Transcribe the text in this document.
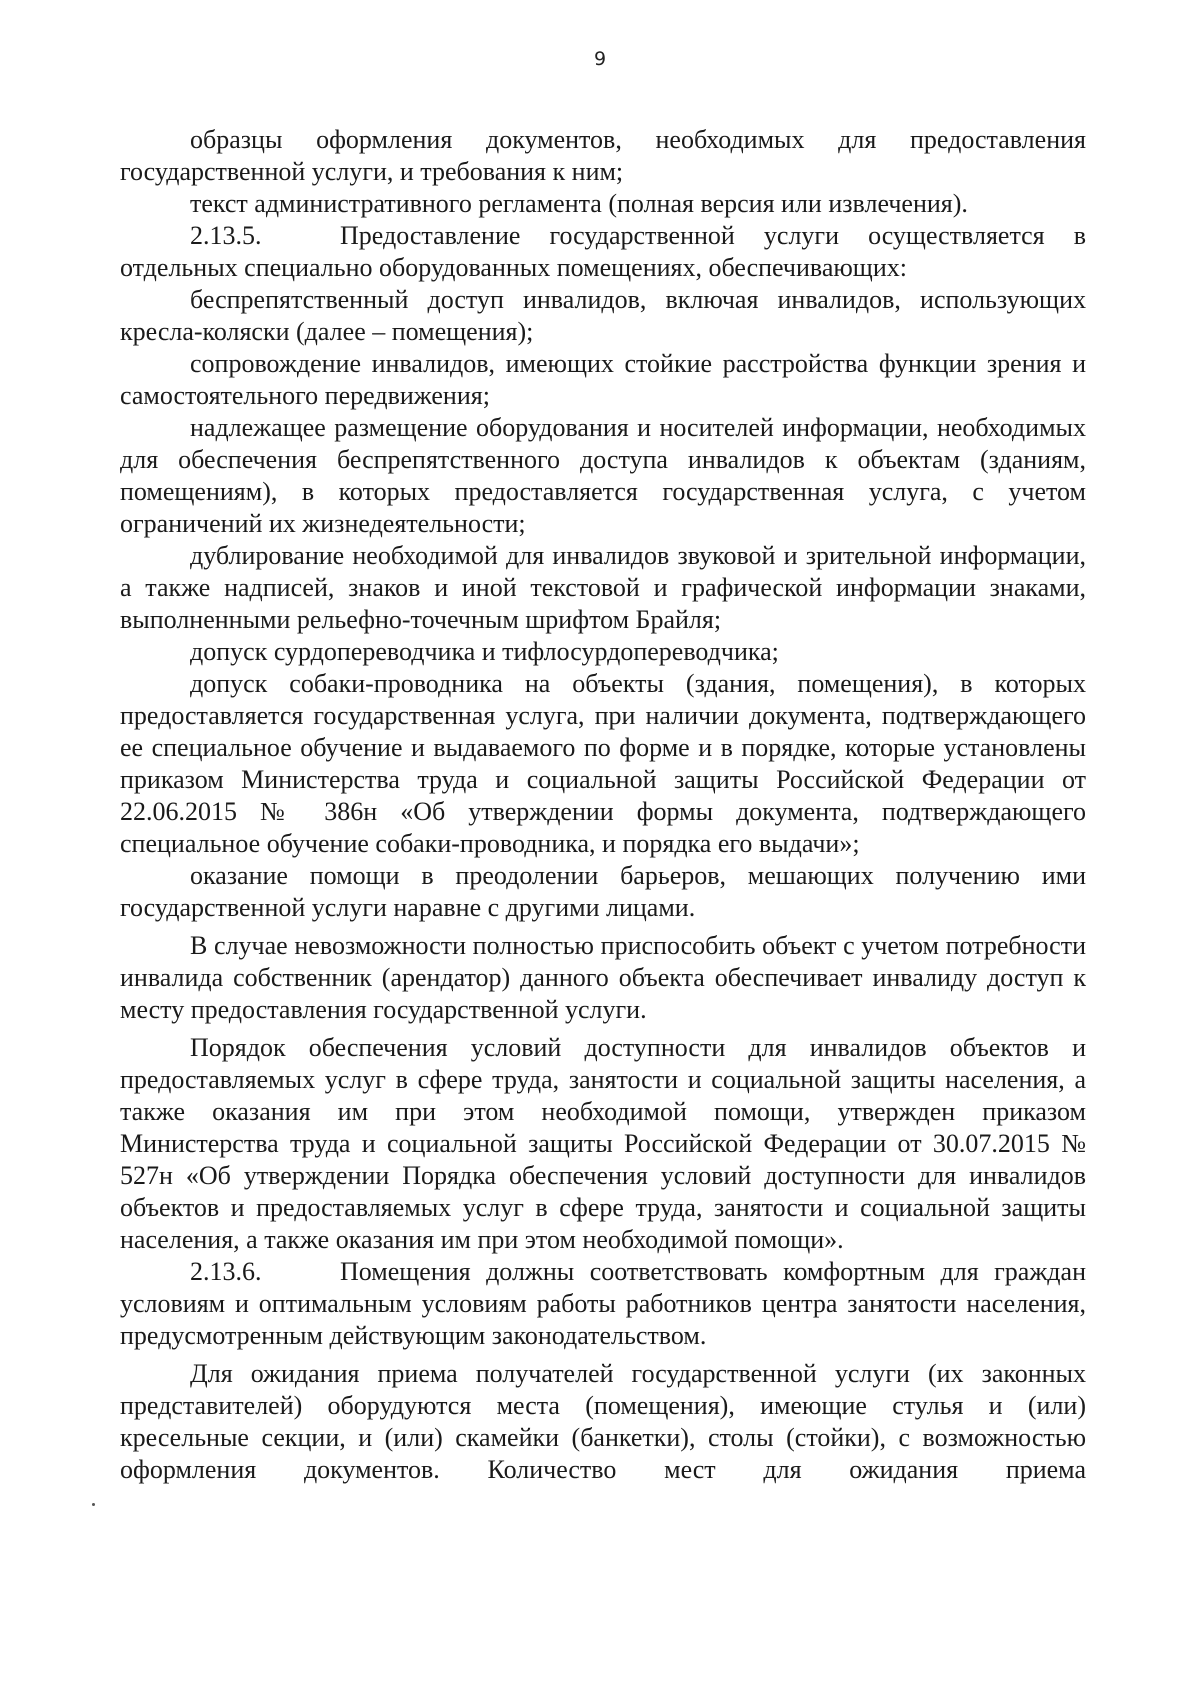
9

образцы оформления документов, необходимых для предоставления государственной услуги, и требования к ним;

текст административного регламента (полная версия или извлечения).

2.13.5.	Предоставление государственной услуги осуществляется в отдельных специально оборудованных помещениях, обеспечивающих:

беспрепятственный доступ инвалидов, включая инвалидов, использующих кресла-коляски (далее – помещения);

сопровождение инвалидов, имеющих стойкие расстройства функции зрения и самостоятельного передвижения;

надлежащее размещение оборудования и носителей информации, необходимых для обеспечения беспрепятственного доступа инвалидов к объектам (зданиям, помещениям), в которых предоставляется государственная услуга, с учетом ограничений их жизнедеятельности;

дублирование необходимой для инвалидов звуковой и зрительной информации, а также надписей, знаков и иной текстовой и графической информации знаками, выполненными рельефно-точечным шрифтом Брайля;

допуск сурдопереводчика и тифлосурдопереводчика;

допуск собаки-проводника на объекты (здания, помещения), в которых предоставляется государственная услуга, при наличии документа, подтверждающего ее специальное обучение и выдаваемого по форме и в порядке, которые установлены приказом Министерства труда и социальной защиты Российской Федерации от 22.06.2015 № 386н «Об утверждении формы документа, подтверждающего специальное обучение собаки-проводника, и порядка его выдачи»;

оказание помощи в преодолении барьеров, мешающих получению ими государственной услуги наравне с другими лицами.

В случае невозможности полностью приспособить объект с учетом потребности инвалида собственник (арендатор) данного объекта обеспечивает инвалиду доступ к месту предоставления государственной услуги.

Порядок обеспечения условий доступности для инвалидов объектов и предоставляемых услуг в сфере труда, занятости и социальной защиты населения, а также оказания им при этом необходимой помощи, утвержден приказом Министерства труда и социальной защиты Российской Федерации от 30.07.2015 № 527н «Об утверждении Порядка обеспечения условий доступности для инвалидов объектов и предоставляемых услуг в сфере труда, занятости и социальной защиты населения, а также оказания им при этом необходимой помощи».

2.13.6.	Помещения должны соответствовать комфортным для граждан условиям и оптимальным условиям работы работников центра занятости населения, предусмотренным действующим законодательством.

Для ожидания приема получателей государственной услуги (их законных представителей) оборудуются места (помещения), имеющие стулья и (или) кресельные секции, и (или) скамейки (банкетки), столы (стойки), с возможностью оформления документов. Количество мест для ожидания приема
